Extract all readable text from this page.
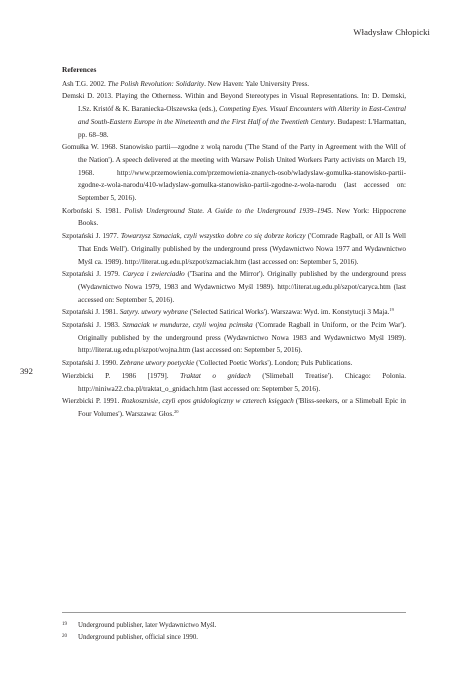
Władysław Chłopicki
392

References

Ash T.G. 2002. The Polish Revolution: Solidarity. New Haven: Yale University Press.

Demski D. 2013. Playing the Otherness. Within and Beyond Stereotypes in Visual Representations. In: D. Demski, I.Sz. Kristóf & K. Baraniecka-Olszewska (eds.), Competing Eyes. Visual Encounters with Alterity in East-Central and South-Eastern Europe in the Nineteenth and the First Half of the Twentieth Century. Budapest: L'Harmattan, pp. 68–98.

Gomułka W. 1968. Stanowisko partii—zgodne z wolą narodu ('The Stand of the Party in Agreement with the Will of the Nation'). A speech delivered at the meeting with Warsaw Polish United Workers Party activists on March 19, 1968. http://www.przemowienia.com/przemowienia-znanych-osob/wladyslaw-gomulka-stanowisko-partii-zgodne-z-wola-narodu/410-wladyslaw-gomulka-stanowisko-partii-zgodne-z-wola-narodu (last accessed on: September 5, 2016).

Korboński S. 1981. Polish Underground State. A Guide to the Underground 1939–1945. New York: Hippocrene Books.

Szpotański J. 1977. Towarzysz Szmaciak, czyli wszystko dobre co się dobrze kończy ('Comrade Ragball, or All Is Well That Ends Well'). Originally published by the underground press (Wydawnictwo Nowa 1977 and Wydawnictwo Myśl ca. 1989). http://literat.ug.edu.pl/szpot/szmaciak.htm (last accessed on: September 5, 2016).

Szpotański J. 1979. Caryca i zwierciadło ('Tsarina and the Mirror'). Originally published by the underground press (Wydawnictwo Nowa 1979, 1983 and Wydawnictwo Myśl 1989). http://literat.ug.edu.pl/szpot/caryca.htm (last accessed on: September 5, 2016).

Szpotański J. 1981. Satyry. utwory wybrane ('Selected Satirical Works'). Warszawa: Wyd. im. Konstytucji 3 Maja.$^{19}$

Szpotański J. 1983. Szmaciak w mundurze, czyli wojna pcimska ('Comrade Ragball in Uniform, or the Pcim War'). Originally published by the underground press (Wydawnictwo Nowa 1983 and Wydawnictwo Myśl 1989). http://literat.ug.edu.pl/szpot/wojna.htm (last accessed on: September 5, 2016).

Szpotański J. 1990. Zebrane utwory poetyckie ('Collected Poetic Works'). London; Puls Publications.

Wierzbicki P. 1986 [1979]. Traktat o gnidach ('Slimeball Treatise'). Chicago: Polonia. http://niniwa22.cba.pl/traktat_o_gnidach.htm (last accessed on: September 5, 2016).

Wierzbicki P. 1991. Rozkosznisie, czyli epos gnidologiczny w czterech księgach ('Bliss-seekers, or a Slimeball Epic in Four Volumes'). Warszawa: Głos.$^{20}$

19 Underground publisher, later Wydawnictwo Myśl.

20 Underground publisher, official since 1990.
